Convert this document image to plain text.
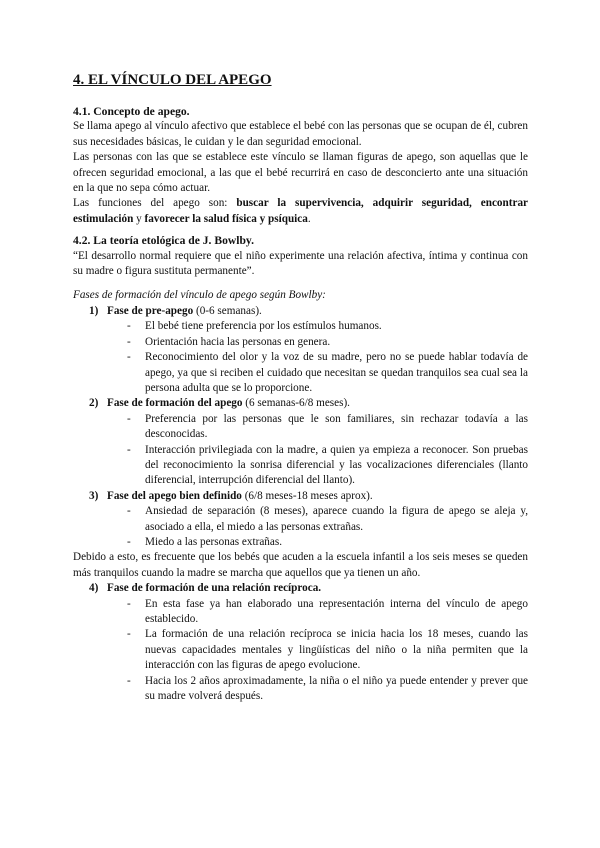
4. EL VÍNCULO DEL APEGO
4.1. Concepto de apego.

Se llama apego al vínculo afectivo que establece el bebé con las personas que se ocupan de él, cubren sus necesidades básicas, le cuidan y le dan seguridad emocional.

Las personas con las que se establece este vínculo se llaman figuras de apego, son aquellas que le ofrecen seguridad emocional, a las que el bebé recurrirá en caso de desconcierto ante una situación en la que no sepa cómo actuar.

Las funciones del apego son: buscar la supervivencia, adquirir seguridad, encontrar estimulación y favorecer la salud física y psíquica.

4.2. La teoría etológica de J. Bowlby.

“El desarrollo normal requiere que el niño experimente una relación afectiva, íntima y continua con su madre o figura sustituta permanente”.

Fases de formación del vínculo de apego según Bowlby:

1) Fase de pre-apego (0-6 semanas).
- El bebé tiene preferencia por los estímulos humanos.
- Orientación hacia las personas en genera.
- Reconocimiento del olor y la voz de su madre, pero no se puede hablar todavía de apego, ya que si reciben el cuidado que necesitan se quedan tranquilos sea cual sea la persona adulta que se lo proporcione.
2) Fase de formación del apego (6 semanas-6/8 meses).
- Preferencia por las personas que le son familiares, sin rechazar todavía a las desconocidas.
- Interacción privilegiada con la madre, a quien ya empieza a reconocer. Son pruebas del reconocimiento la sonrisa diferencial y las vocalizaciones diferenciales (llanto diferencial, interrupción diferencial del llanto).
3) Fase del apego bien definido (6/8 meses-18 meses aprox).
- Ansiedad de separación (8 meses), aparece cuando la figura de apego se aleja y, asociado a ella, el miedo a las personas extrañas.
- Miedo a las personas extrañas.

Debido a esto, es frecuente que los bebés que acuden a la escuela infantil a los seis meses se queden más tranquilos cuando la madre se marcha que aquellos que ya tienen un año.

4) Fase de formación de una relación recíproca.
- En esta fase ya han elaborado una representación interna del vínculo de apego establecido.
- La formación de una relación recíproca se inicia hacia los 18 meses, cuando las nuevas capacidades mentales y lingüísticas del niño o la niña permiten que la interacción con las figuras de apego evolucione.
- Hacia los 2 años aproximadamente, la niña o el niño ya puede entender y prever que su madre volverá después.
